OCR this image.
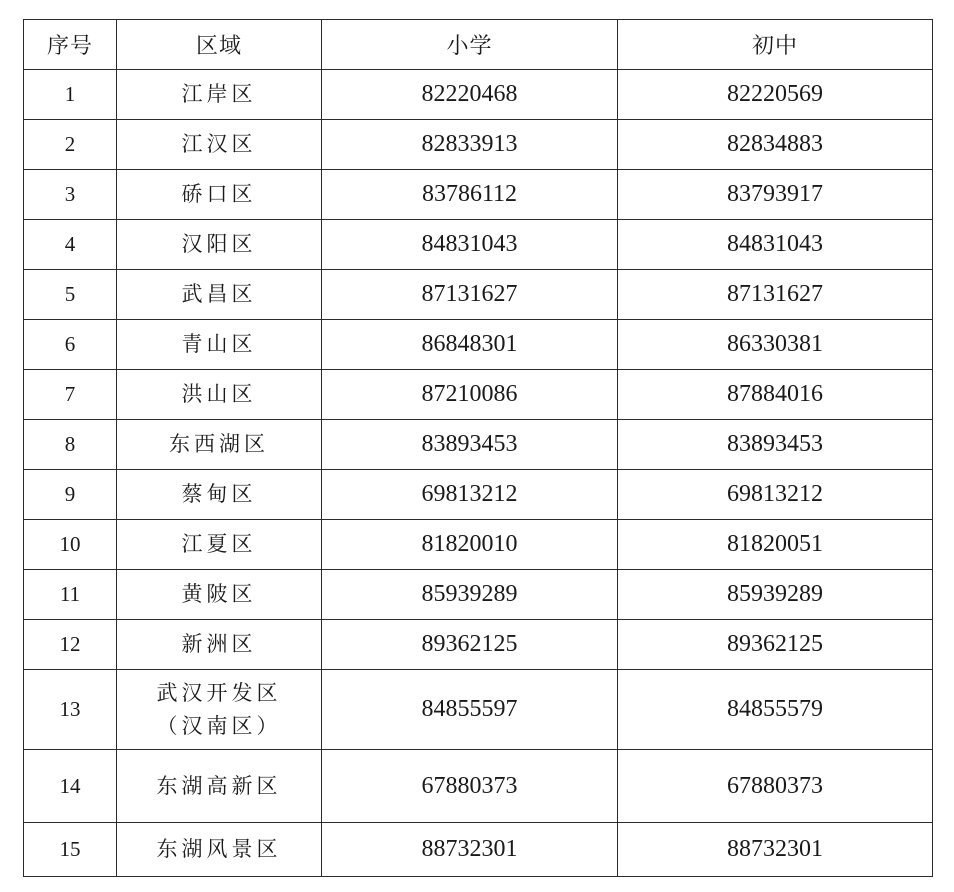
序号	区域	小学	初中
1	江岸区	82220468	82220569
2	江汉区	82833913	82834883
3	硚口区	83786112	83793917
4	汉阳区	84831043	84831043
5	武昌区	87131627	87131627
6	青山区	86848301	86330381
7	洪山区	87210086	87884016
8	东西湖区	83893453	83893453
9	蔡甸区	69813212	69813212
10	江夏区	81820010	81820051
11	黄陂区	85939289	85939289
12	新洲区	89362125	89362125
13	武汉开发区
（汉南区）	84855597	84855579
14	东湖高新区	67880373	67880373
15	东湖风景区	88732301	88732301
